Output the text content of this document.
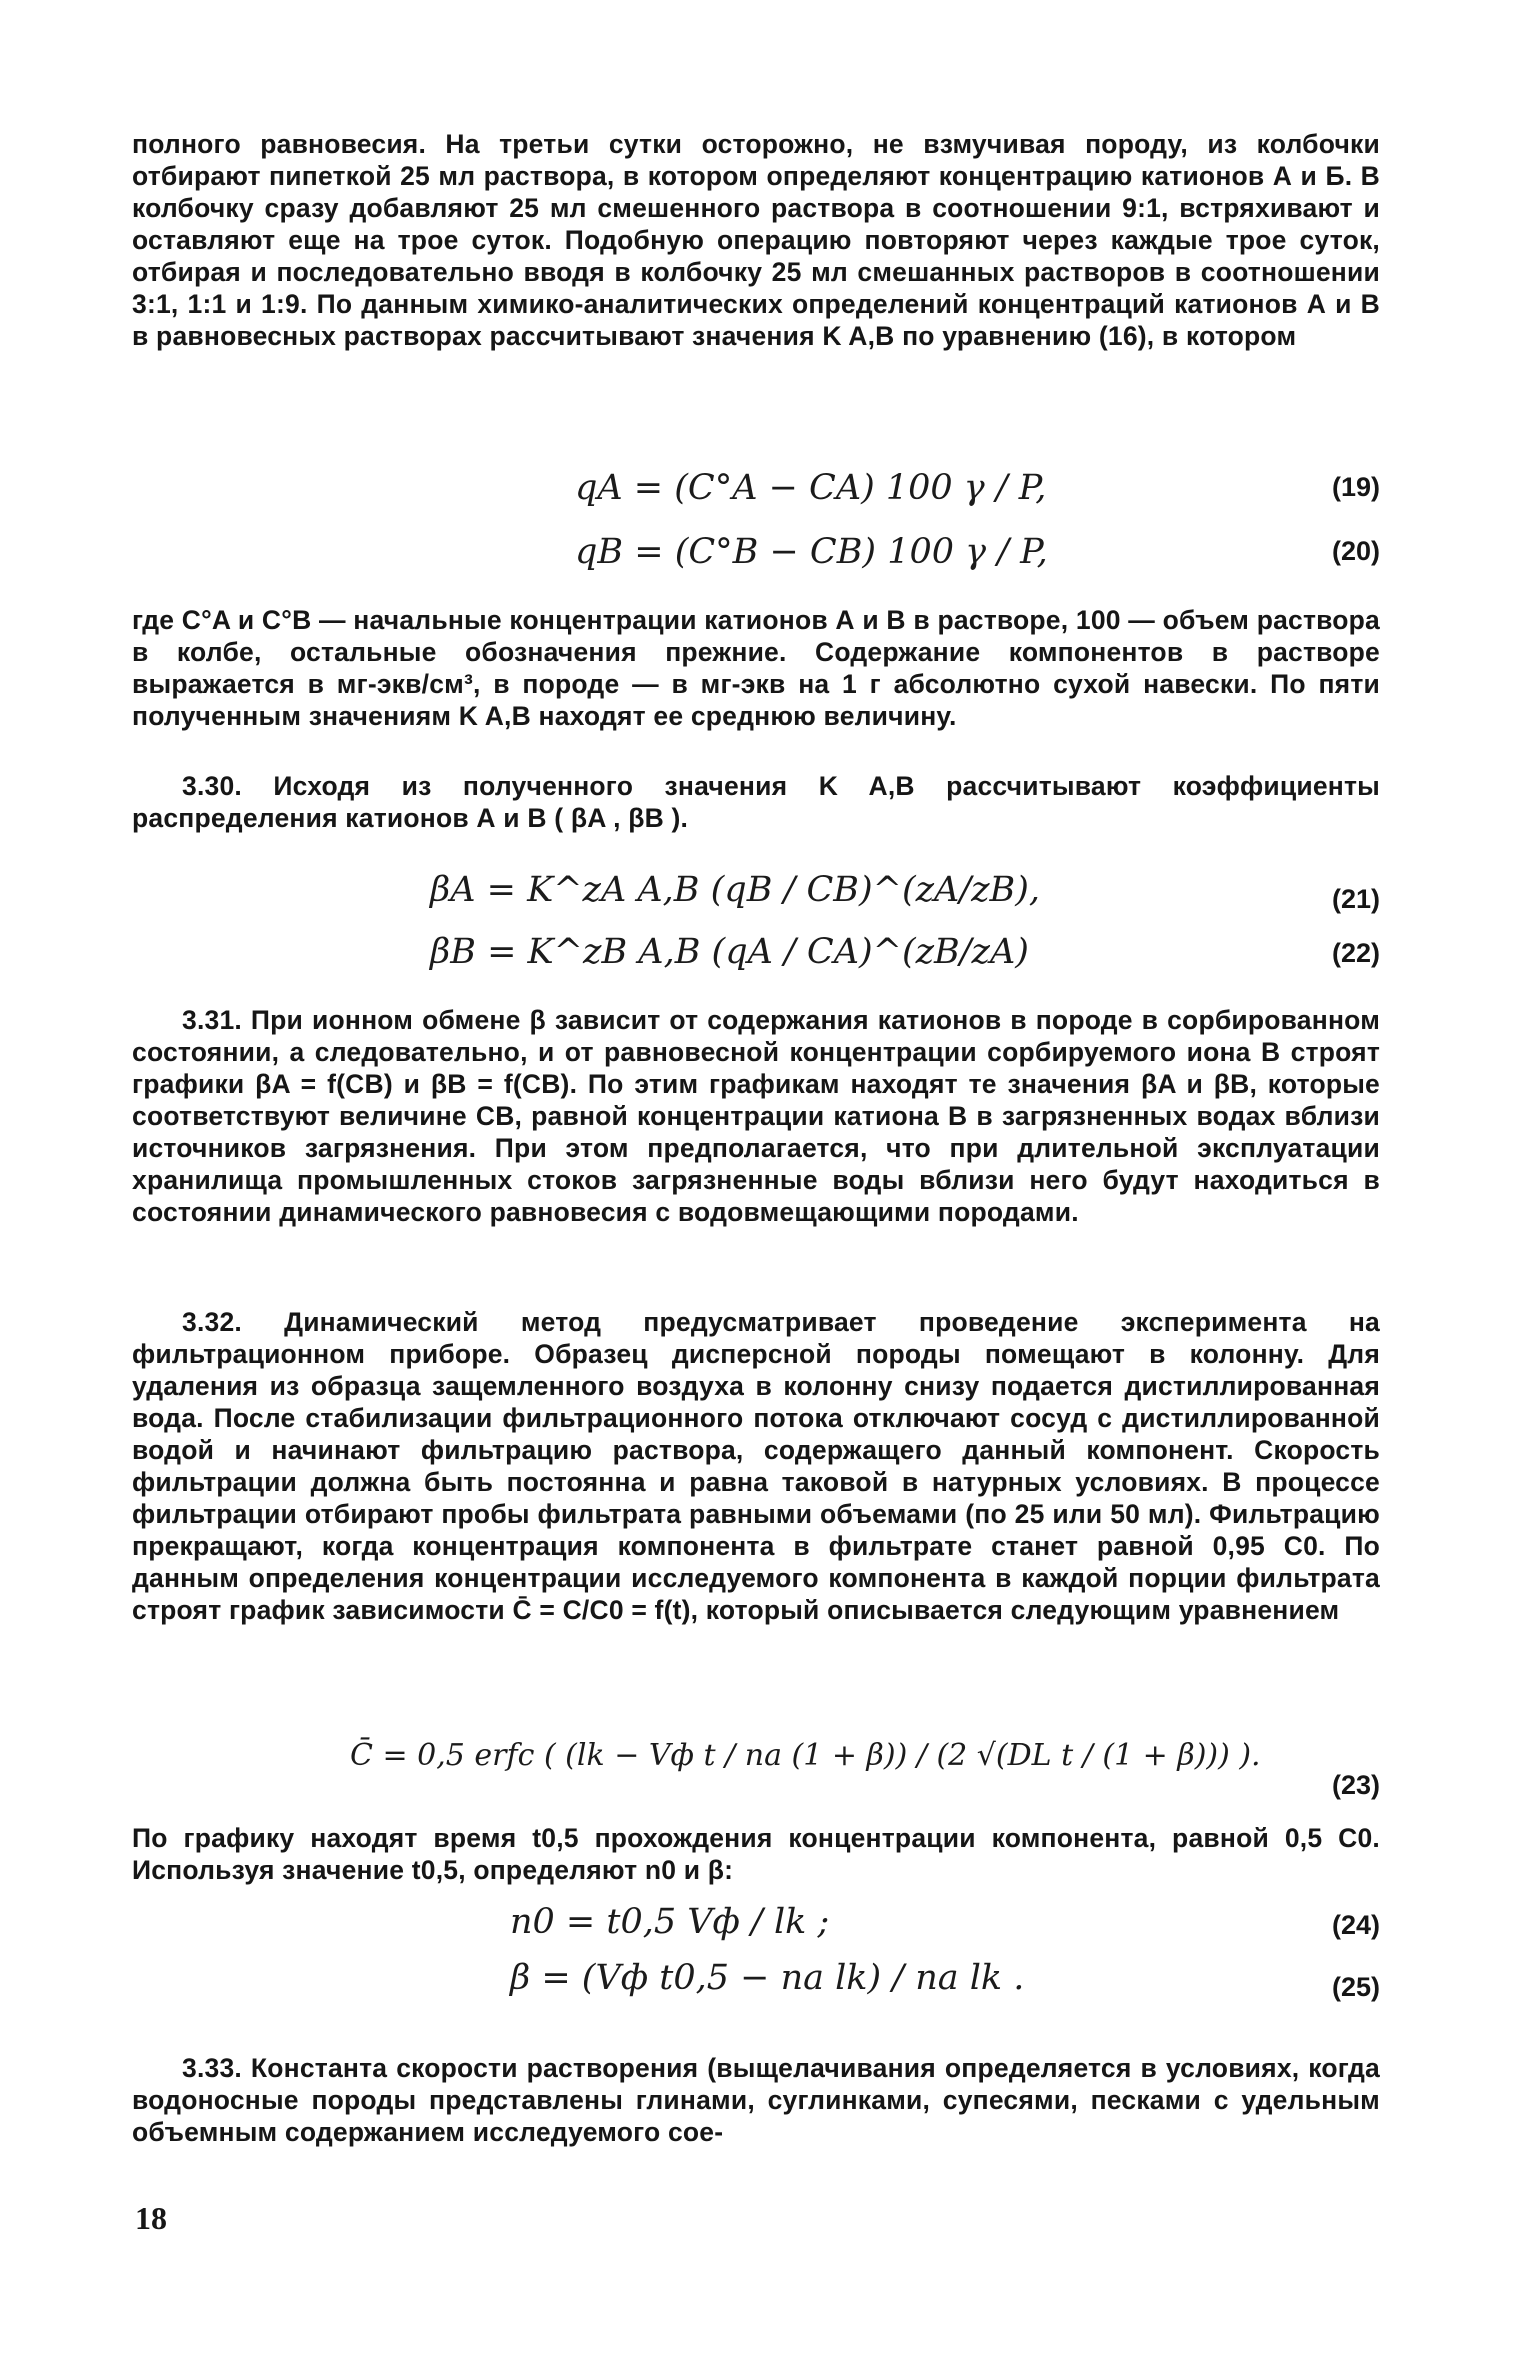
полного равновесия. На третьи сутки осторожно, не взмучивая породу, из колбочки отбирают пипеткой 25 мл раствора, в котором определяют концентрацию катионов А и Б. В колбочку сразу добавляют 25 мл смешенного раствора в соотношении 9:1, встряхивают и оставляют еще на трое суток. Подобную операцию повторяют через каждые трое суток, отбирая и последовательно вводя в колбочку 25 мл смешанных растворов в соотношении 3:1, 1:1 и 1:9. По данным химико-аналитических определений концентраций катионов А и В в равновесных растворах рассчитывают значения K A,B по уравнению (16), в котором

qA = (C°A − CA) 100 γ / P,	(19)
qB = (C°B − CB) 100 γ / P,	(20)

где C°A и C°B — начальные концентрации катионов А и В в растворе, 100 — объем раствора в колбе, остальные обозначения прежние. Содержание компонентов в растворе выражается в мг-экв/см³, в породе — в мг-экв на 1 г абсолютно сухой навески. По пяти полученным значениям K A,B находят ее среднюю величину.

3.30. Исходя из полученного значения K A,B рассчитывают коэффициенты распределения катионов А и В ( βA , βB ).

βA = K^zA A,B (qB / CB)^(zA/zB),	(21)
βB = K^zB A,B (qA / CA)^(zB/zA)	(22)

3.31. При ионном обмене β зависит от содержания катионов в породе в сорбированном состоянии, а следовательно, и от равновесной концентрации сорбируемого иона В строят графики βA = f(CB) и βB = f(CB). По этим графикам находят те значения βA и βB, которые соответствуют величине CB, равной концентрации катиона В в загрязненных водах вблизи источников загрязнения. При этом предполагается, что при длительной эксплуатации хранилища промышленных стоков загрязненные воды вблизи него будут находиться в состоянии динамического равновесия с водовмещающими породами.

3.32. Динамический метод предусматривает проведение эксперимента на фильтрационном приборе. Образец дисперсной породы помещают в колонну. Для удаления из образца защемленного воздуха в колонну снизу подается дистиллированная вода. После стабилизации фильтрационного потока отключают сосуд с дистиллированной водой и начинают фильтрацию раствора, содержащего данный компонент. Скорость фильтрации должна быть постоянна и равна таковой в натурных условиях. В процессе фильтрации отбирают пробы фильтрата равными объемами (по 25 или 50 мл). Фильтрацию прекращают, когда концентрация компонента в фильтрате станет равной 0,95 C0. По данным определения концентрации исследуемого компонента в каждой порции фильтрата строят график зависимости C̄ = C/C0 = f(t), который описывается следующим уравнением

C̄ = 0,5 erfc ( (lk − Vф t / na (1 + β)) / (2 √(DL t / (1 + β))) ).
(23)

По графику находят время t0,5 прохождения концентрации компонента, равной 0,5 C0. Используя значение t0,5, определяют n0 и β:

n0 = t0,5 Vф / lk ;	(24)
β = (Vф t0,5 − na lk) / na lk .	(25)

3.33. Константа скорости растворения (выщелачивания определяется в условиях, когда водоносные породы представлены глинами, суглинками, супесями, песками с удельным объемным содержанием исследуемого сое-

18
